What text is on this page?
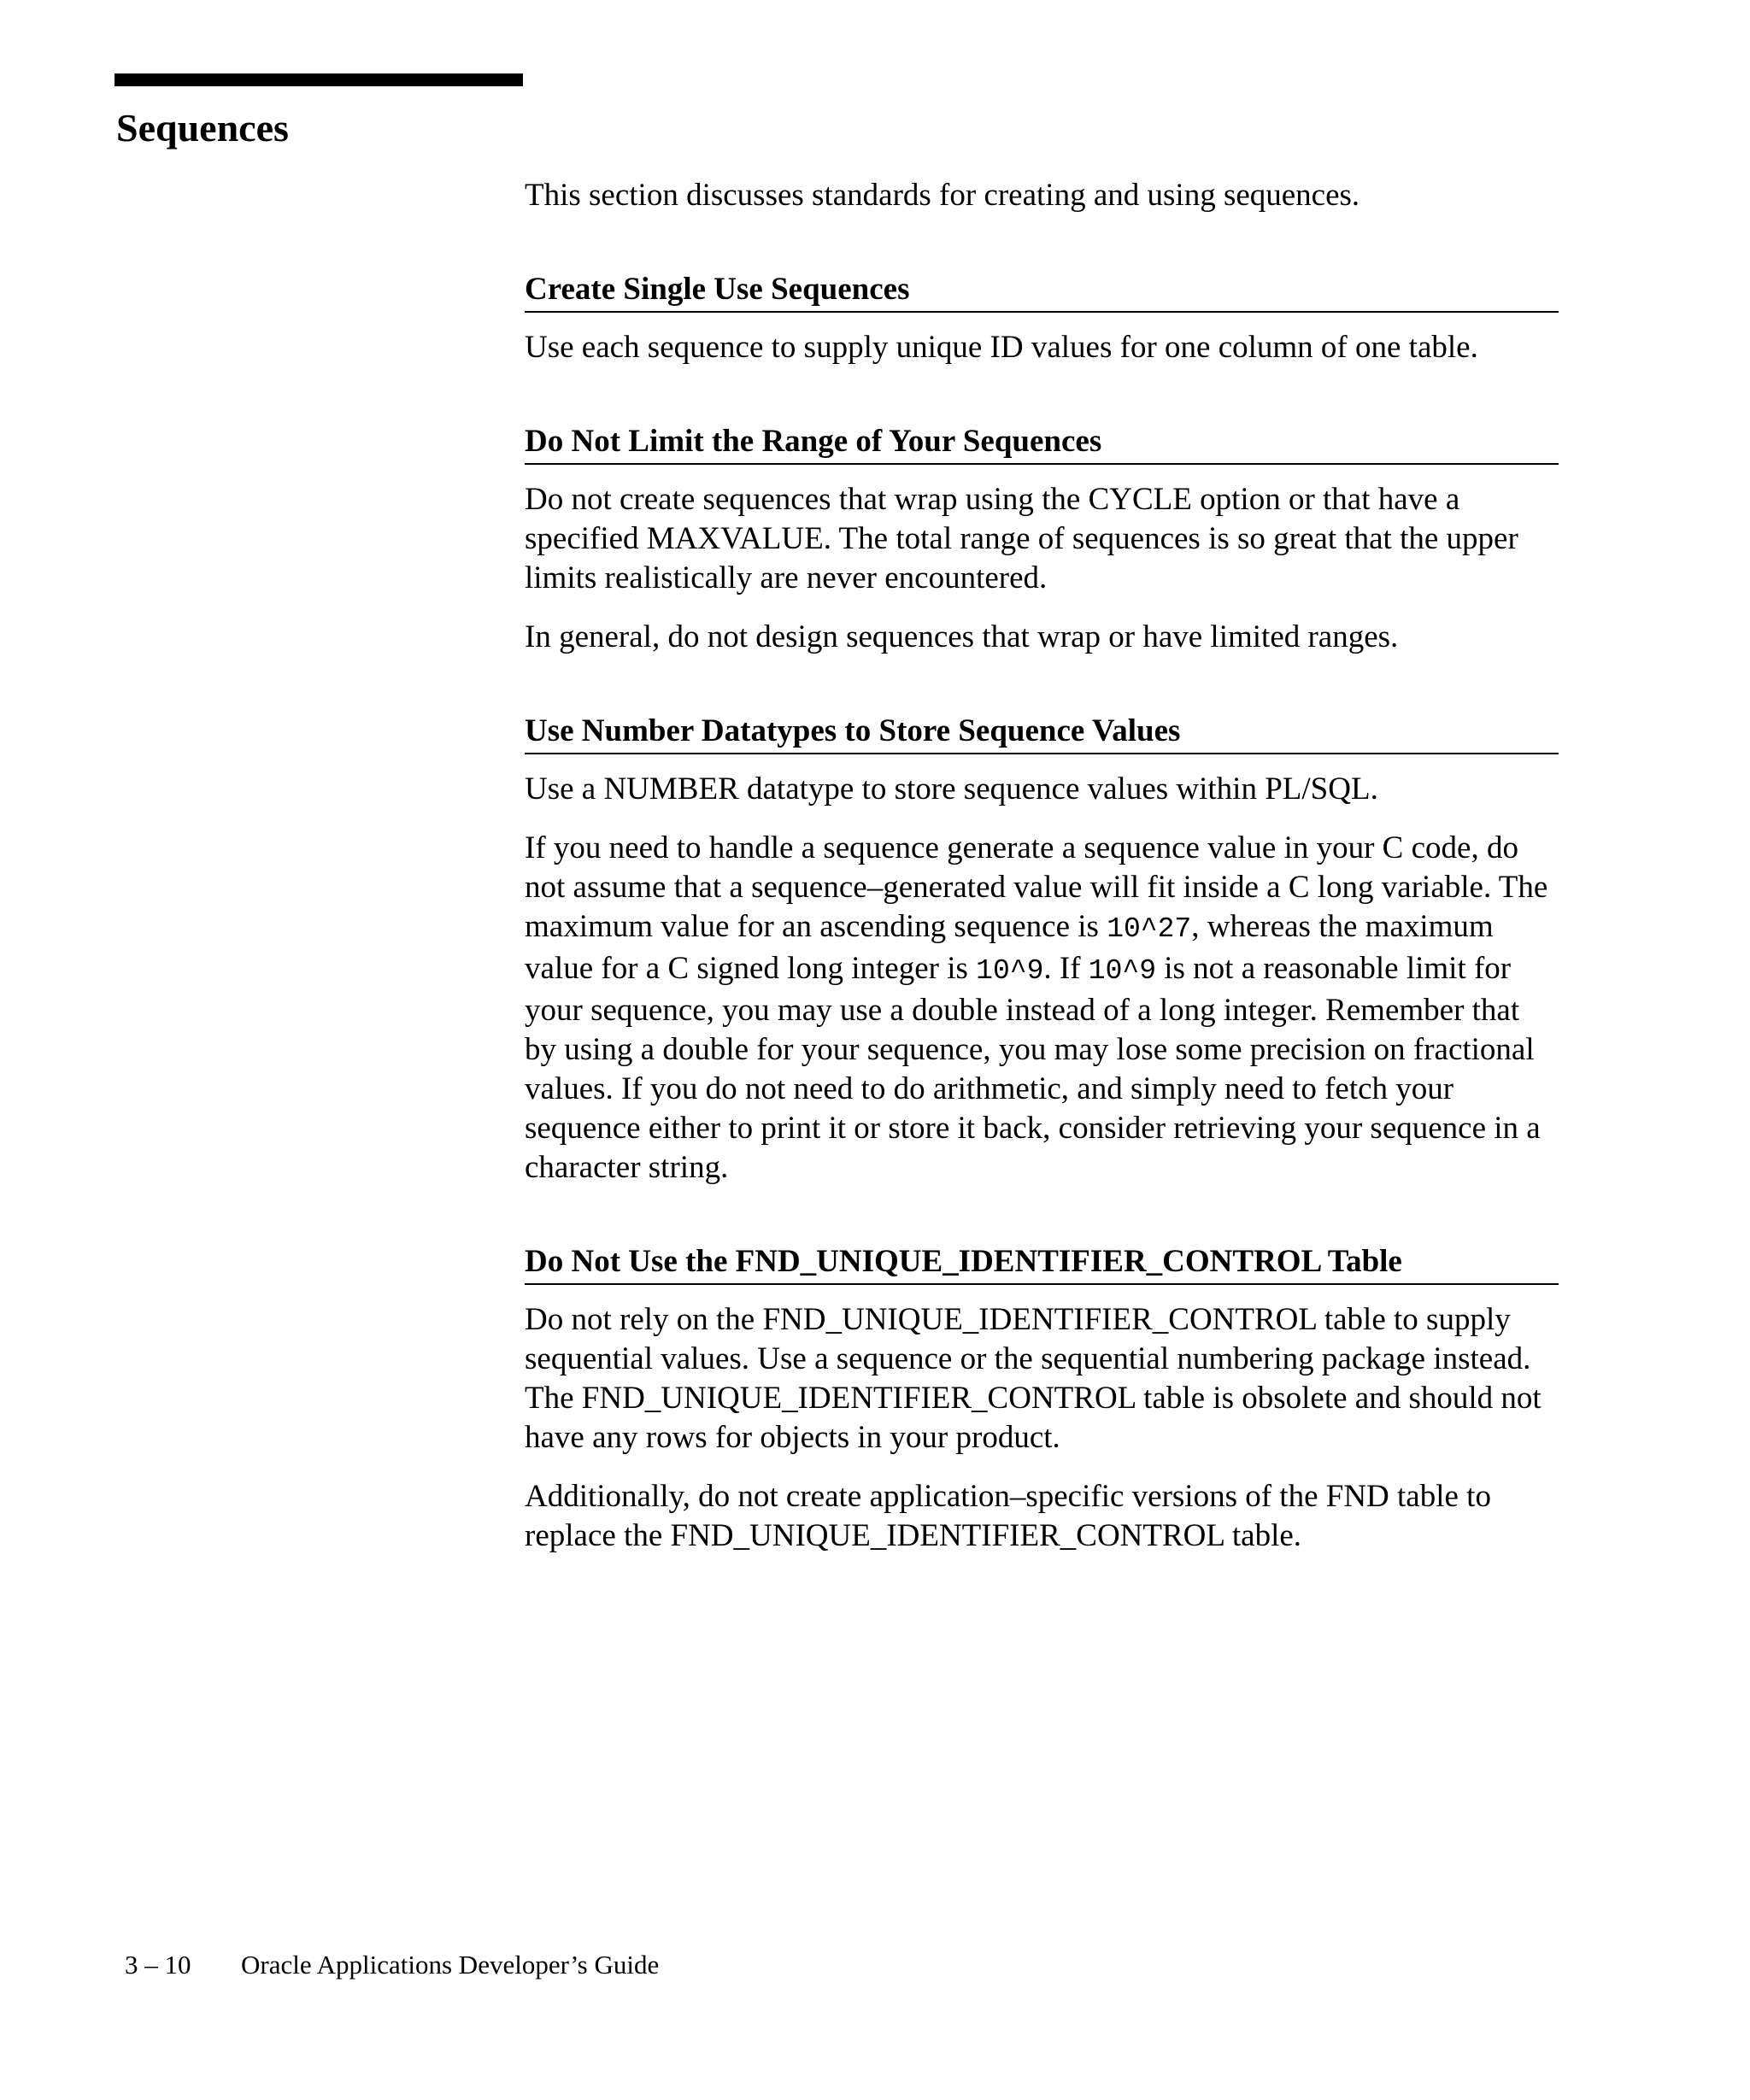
Sequences

This section discusses standards for creating and using sequences.

Create Single Use Sequences

Use each sequence to supply unique ID values for one column of one table.

Do Not Limit the Range of Your Sequences

Do not create sequences that wrap using the CYCLE option or that have a specified MAXVALUE. The total range of sequences is so great that the upper limits realistically are never encountered.

In general, do not design sequences that wrap or have limited ranges.

Use Number Datatypes to Store Sequence Values

Use a NUMBER datatype to store sequence values within PL/SQL.

If you need to handle a sequence generate a sequence value in your C code, do not assume that a sequence–generated value will fit inside a C long variable. The maximum value for an ascending sequence is 10^27, whereas the maximum value for a C signed long integer is 10^9. If 10^9 is not a reasonable limit for your sequence, you may use a double instead of a long integer. Remember that by using a double for your sequence, you may lose some precision on fractional values. If you do not need to do arithmetic, and simply need to fetch your sequence either to print it or store it back, consider retrieving your sequence in a character string.

Do Not Use the FND_UNIQUE_IDENTIFIER_CONTROL Table

Do not rely on the FND_UNIQUE_IDENTIFIER_CONTROL table to supply sequential values. Use a sequence or the sequential numbering package instead. The FND_UNIQUE_IDENTIFIER_CONTROL table is obsolete and should not have any rows for objects in your product.

Additionally, do not create application–specific versions of the FND table to replace the FND_UNIQUE_IDENTIFIER_CONTROL table.

3 – 10 Oracle Applications Developer’s Guide
